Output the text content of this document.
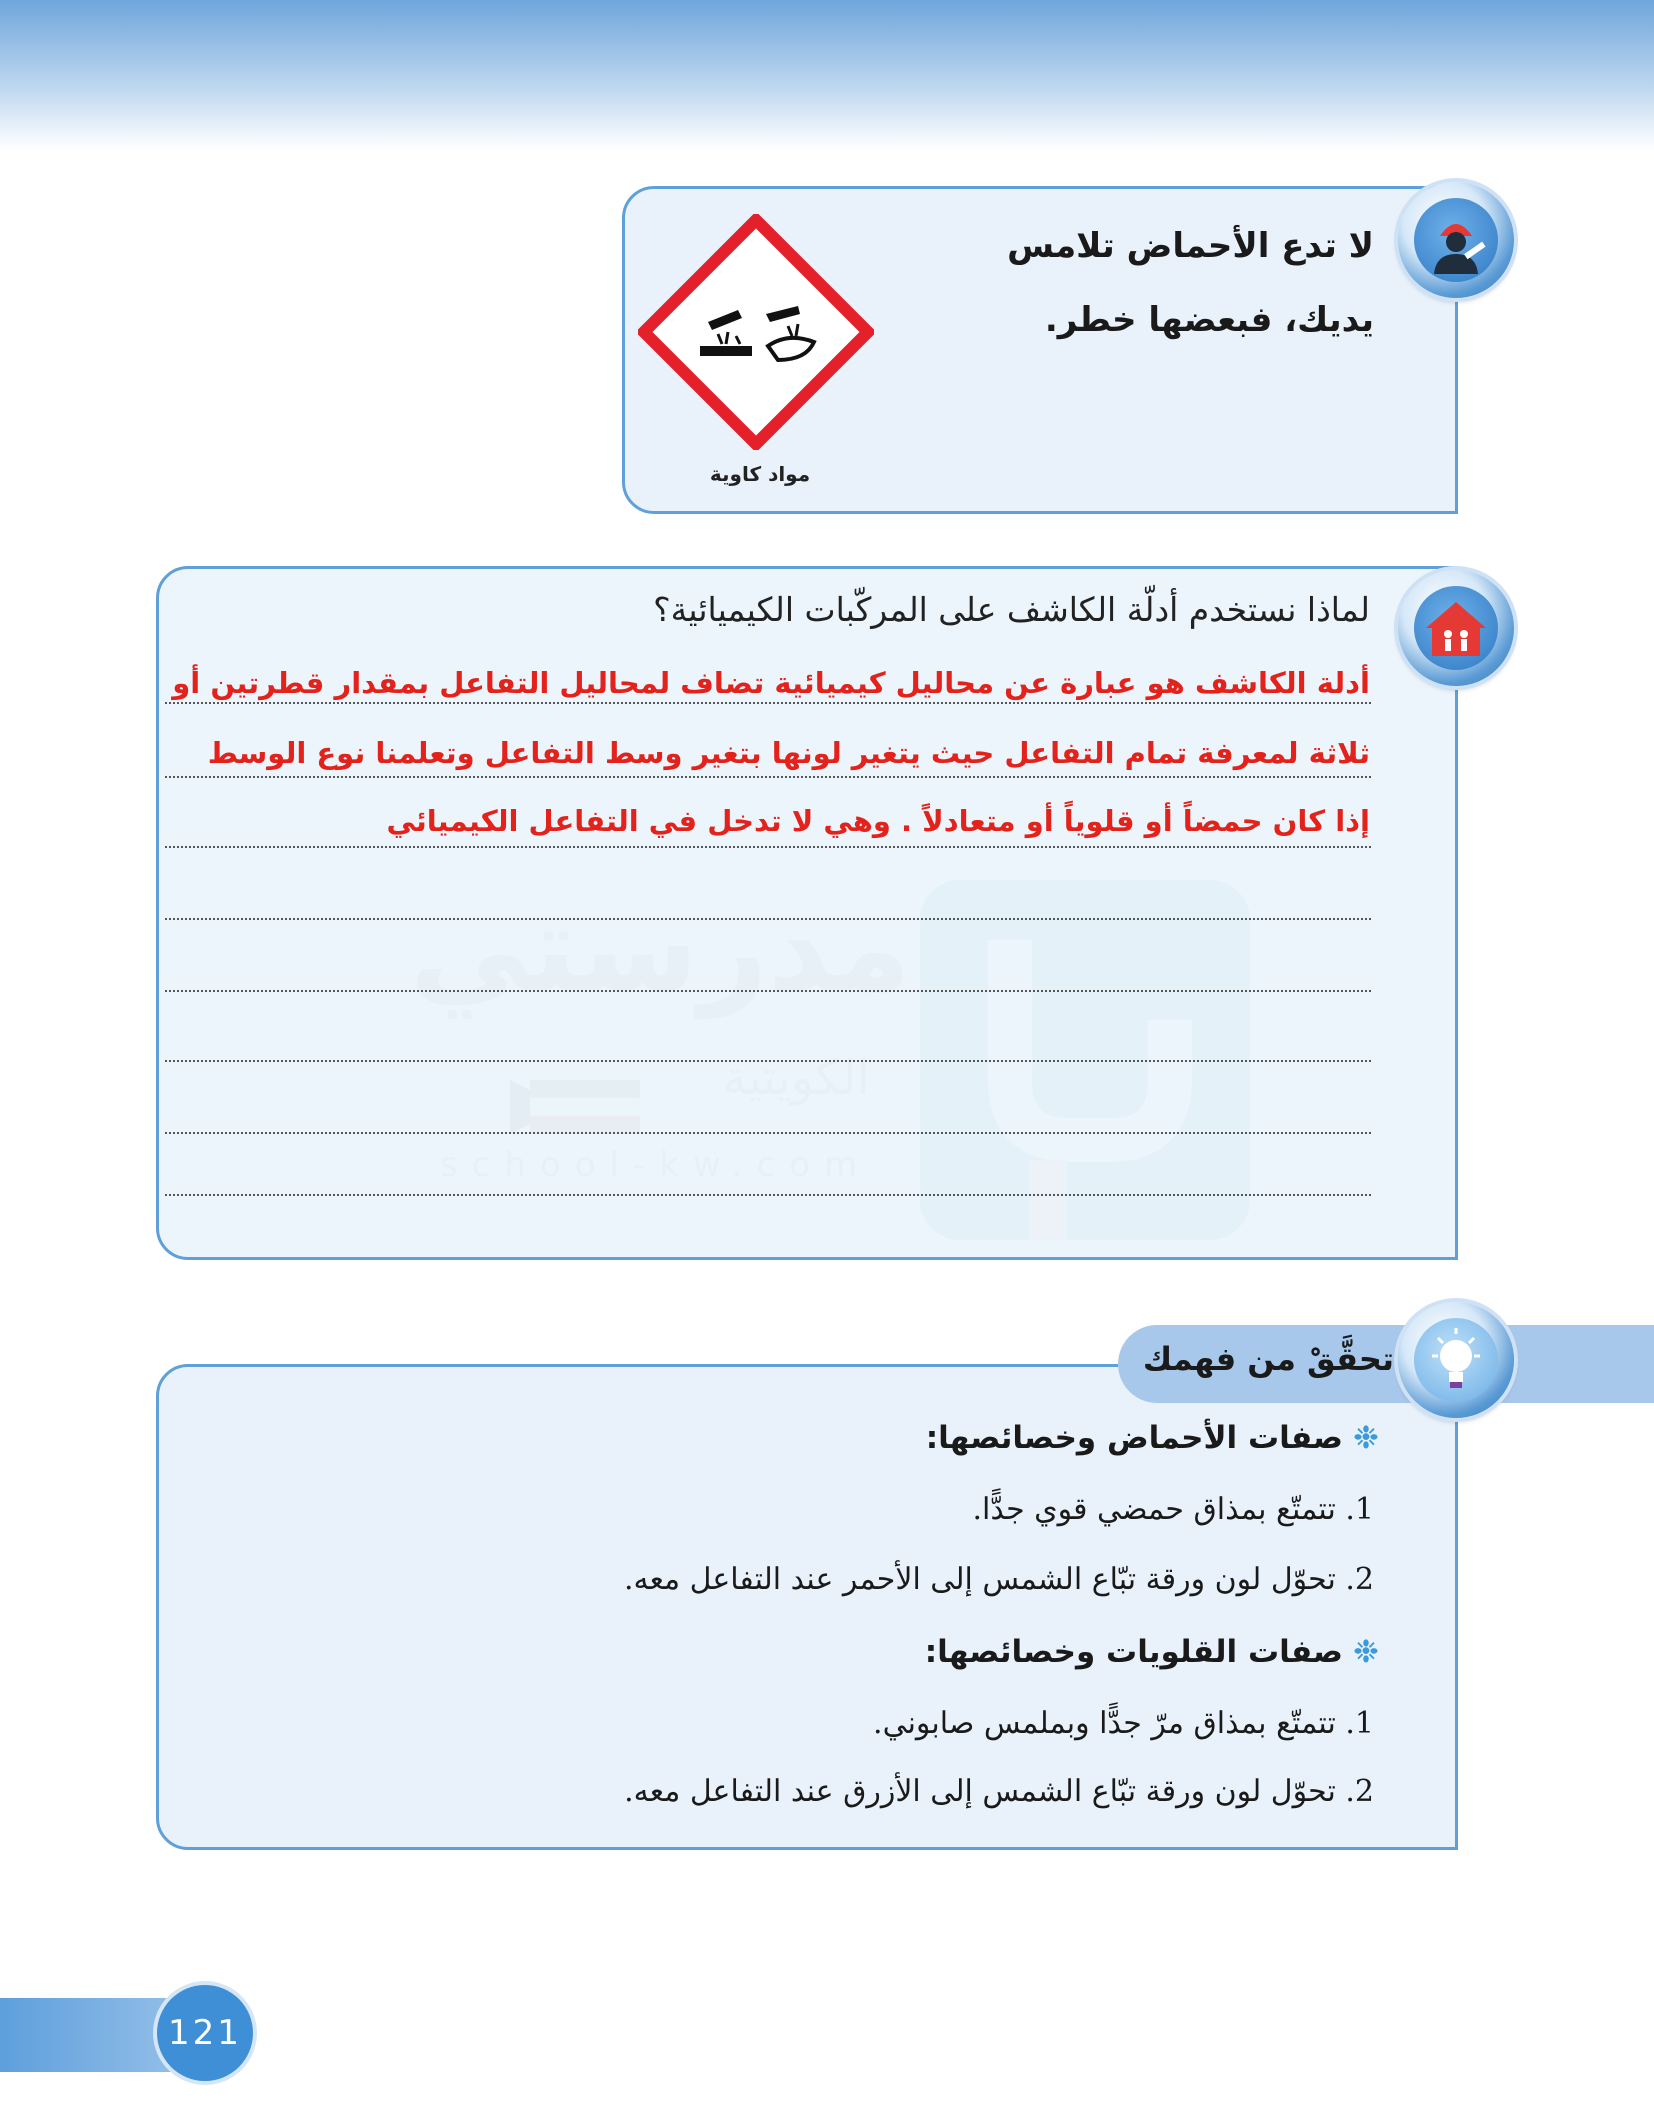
لا تدع الأحماض تلامس
يديك، فبعضها خطر.
مواد كاوية
لماذا نستخدم أدلّة الكاشف على المركّبات الكيميائية؟
أدلة الكاشف هو عبارة عن محاليل كيميائية تضاف لمحاليل التفاعل بمقدار قطرتين أو
ثلاثة لمعرفة تمام التفاعل حيث يتغير لونها بتغير وسط التفاعل وتعلمنا نوع الوسط
إذا كان حمضاً أو قلوياً أو متعادلاً . وهي لا تدخل في التفاعل الكيميائي
تحقَّقْ من فهمك
❉صفات الأحماض وخصائصها:
1. تتمتّع بمذاق حمضي قوي جدًّا.
2. تحوّل لون ورقة تبّاع الشمس إلى الأحمر عند التفاعل معه.
❉صفات القلويات وخصائصها:
1. تتمتّع بمذاق مرّ جدًّا وبملمس صابوني.
2. تحوّل لون ورقة تبّاع الشمس إلى الأزرق عند التفاعل معه.
121
